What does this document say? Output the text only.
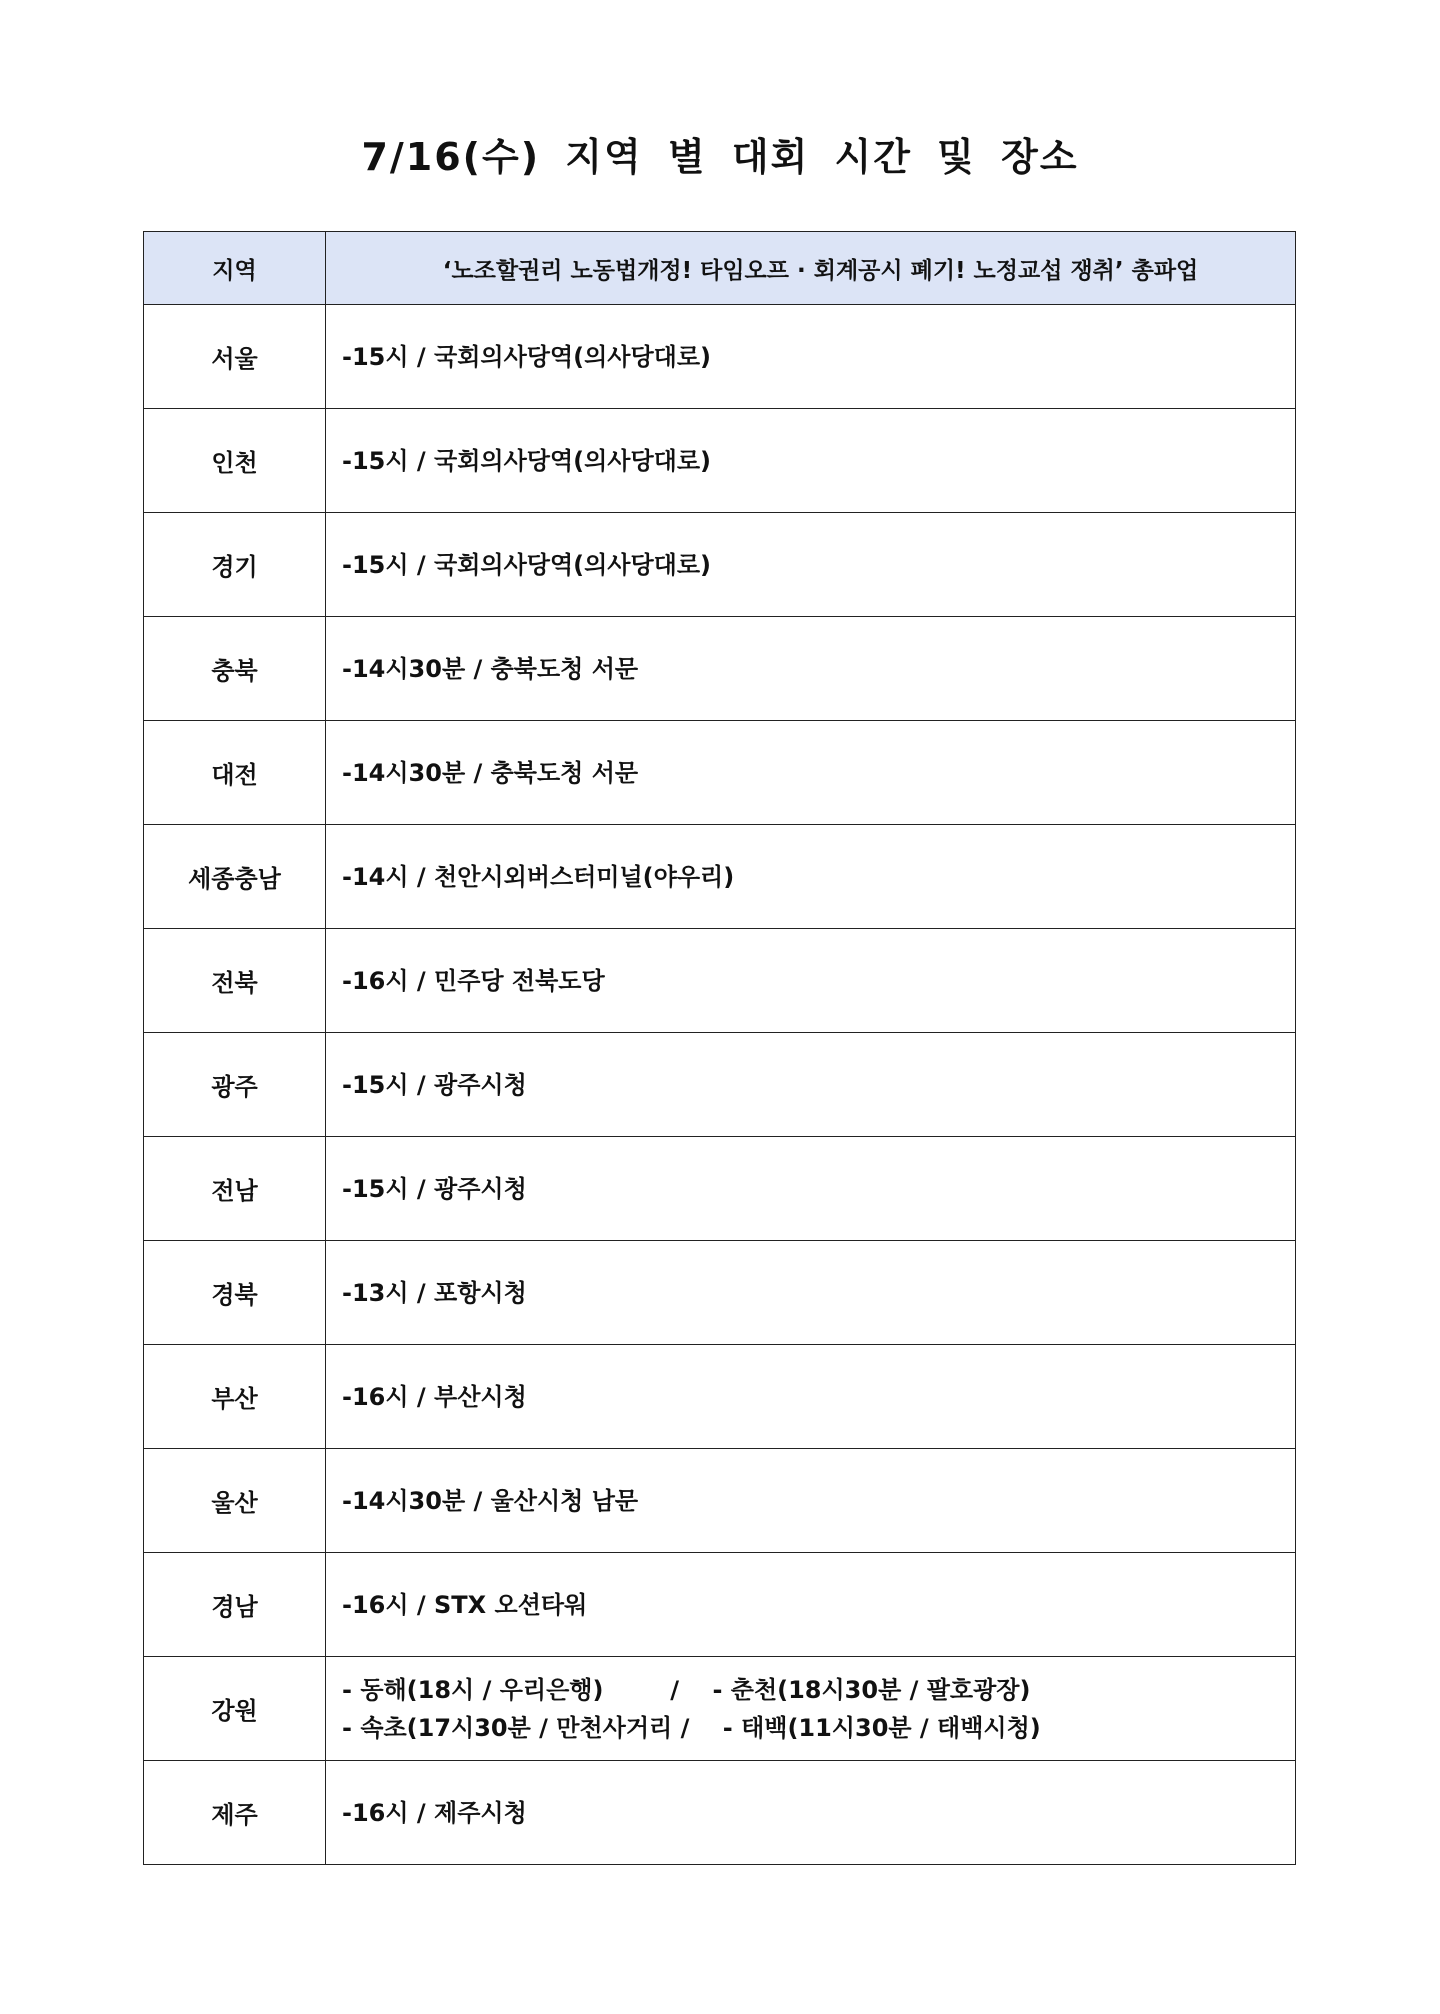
7/16(수) 지역 별 대회 시간 및 장소
지역	‘노조할권리 노동법개정! 타임오프 · 회계공시 폐기! 노정교섭 쟁취’ 총파업
서울	-15시 / 국회의사당역(의사당대로)

인천	-15시 / 국회의사당역(의사당대로)

경기	-15시 / 국회의사당역(의사당대로)

충북	-14시30분 / 충북도청 서문

대전	-14시30분 / 충북도청 서문

세종충남	-14시 / 천안시외버스터미널(야우리)

전북	-16시 / 민주당 전북도당

광주	-15시 / 광주시청

전남	-15시 / 광주시청

경북	-13시 / 포항시청

부산	-16시 / 부산시청

울산	-14시30분 / 울산시청 남문

경남	-16시 / STX 오션타워

강원	- 동해(18시 / 우리은행)        /    - 춘천(18시30분 / 팔호광장)
- 속초(17시30분 / 만천사거리 /    - 태백(11시30분 / 태백시청)

제주	-16시 / 제주시청
